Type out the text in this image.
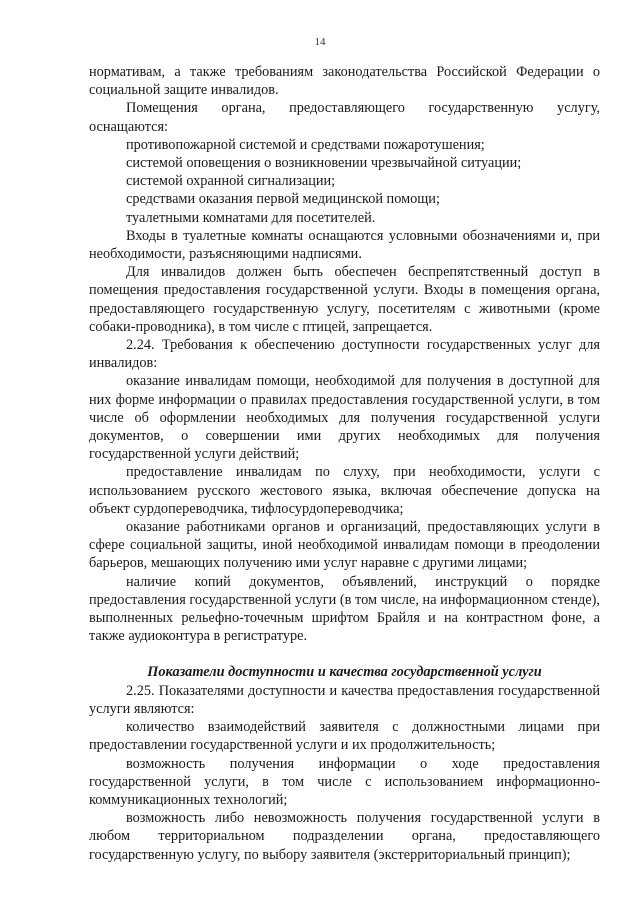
14

нормативам, а также требованиям законодательства Российской Федерации о социальной защите инвалидов.

Помещения органа, предоставляющего государственную услугу, оснащаются:

противопожарной системой и средствами пожаротушения;

системой оповещения о возникновении чрезвычайной ситуации;

системой охранной сигнализации;

средствами оказания первой медицинской помощи;

туалетными комнатами для посетителей.

Входы в туалетные комнаты оснащаются условными обозначениями и, при необходимости, разъясняющими надписями.

Для инвалидов должен быть обеспечен беспрепятственный доступ в помещения предоставления государственной услуги. Входы в помещения органа, предоставляющего государственную услугу, посетителям с животными (кроме собаки-проводника), в том числе с птицей, запрещается.

2.24. Требования к обеспечению доступности государственных услуг для инвалидов:

оказание инвалидам помощи, необходимой для получения в доступной для них форме информации о правилах предоставления государственной услуги, в том числе об оформлении необходимых для получения государственной услуги документов, о совершении ими других необходимых для получения государственной услуги действий;

предоставление инвалидам по слуху, при необходимости, услуги с использованием русского жестового языка, включая обеспечение допуска на объект сурдопереводчика, тифлосурдопереводчика;

оказание работниками органов и организаций, предоставляющих услуги в сфере социальной защиты, иной необходимой инвалидам помощи в преодолении барьеров, мешающих получению ими услуг наравне с другими лицами;

наличие копий документов, объявлений, инструкций о порядке предоставления государственной услуги (в том числе, на информационном стенде), выполненных рельефно-точечным шрифтом Брайля и на контрастном фоне, а также аудиоконтура в регистратуре.

Показатели доступности и качества государственной услуги

2.25. Показателями доступности и качества предоставления государственной услуги являются:

количество взаимодействий заявителя с должностными лицами при предоставлении государственной услуги и их продолжительность;

возможность получения информации о ходе предоставления государственной услуги, в том числе с использованием информационно-коммуникационных технологий;

возможность либо невозможность получения государственной услуги в любом территориальном подразделении органа, предоставляющего государственную услугу, по выбору заявителя (экстерриториальный принцип);
